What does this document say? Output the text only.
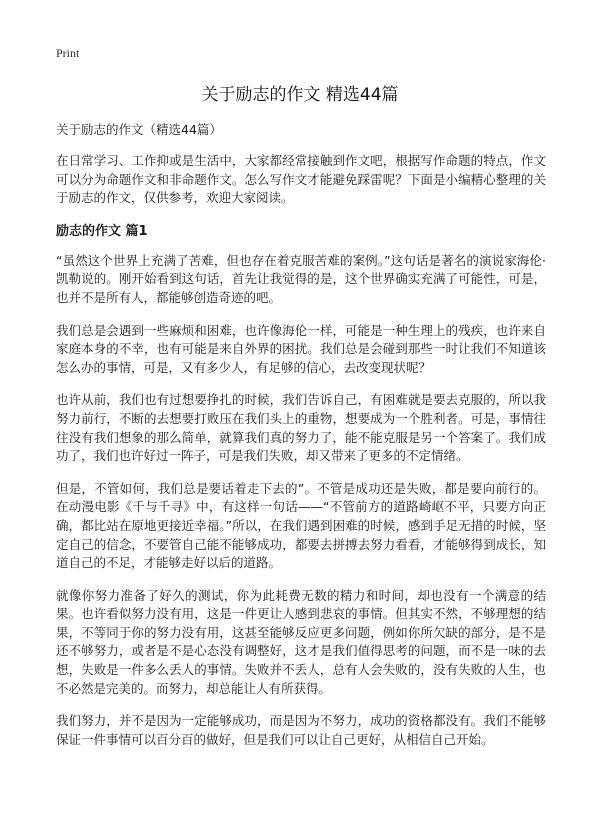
Print
关于励志的作文 精选44篇

关于励志的作文（精选44篇）

在日常学习、工作抑或是生活中，大家都经常接触到作文吧，根据写作命题的特点，作文可以分为命题作文和非命题作文。怎么写作文才能避免踩雷呢？下面是小编精心整理的关于励志的作文，仅供参考，欢迎大家阅读。

励志的作文 篇1

“虽然这个世界上充满了苦难，但也存在着克服苦难的案例。”这句话是著名的演说家海伦·凯勒说的。刚开始看到这句话，首先让我觉得的是，这个世界确实充满了可能性，可是，也并不是所有人，都能够创造奇迹的吧。

我们总是会遇到一些麻烦和困难，也许像海伦一样，可能是一种生理上的残疾，也许来自家庭本身的不幸，也有可能是来自外界的困扰。我们总是会碰到那些一时让我们不知道该怎么办的事情，可是，又有多少人，有足够的信心，去改变现状呢？

也许从前，我们也有过想要挣扎的时候，我们告诉自己，有困难就是要去克服的，所以我努力前行，不断的去想要打败压在我们头上的重物，想要成为一个胜利者。可是，事情往往没有我们想象的那么简单，就算我们真的努力了，能不能克服是另一个答案了。我们成功了，我们也许好过一阵子，可是我们失败，却又带来了更多的不定情绪。

但是，不管如何，我们总是要话着走下去的”。不管是成功还是失败，都是要向前行的。在动漫电影《千与千寻》中，有这样一句话——“不管前方的道路崎岖不平，只要方向正确，都比站在原地更接近幸福。”所以，在我们遇到困难的时候，感到手足无措的时候，坚定自己的信念，不要管自己能不能够成功，都要去拼搏去努力看看，才能够得到成长，知道自己的不足，才能够走好以后的道路。

就像你努力准备了好久的测试，你为此耗费无数的精力和时间，却也没有一个满意的结果。也许看似努力没有用，这是一件更让人感到悲哀的事情。但其实不然，不够理想的结果，不等同于你的努力没有用，这甚至能够反应更多问题，例如你所欠缺的部分，是不是还不够努力，或者是不是心态没有调整好，这才是我们值得思考的问题，而不是一味的去想，失败是一件多么丢人的事情。失败并不丢人，总有人会失败的，没有失败的人生，也不必然是完美的。而努力，却总能让人有所获得。

我们努力，并不是因为一定能够成功，而是因为不努力，成功的资格都没有。我们不能够保证一件事情可以百分百的做好，但是我们可以让自己更好，从相信自己开始。
